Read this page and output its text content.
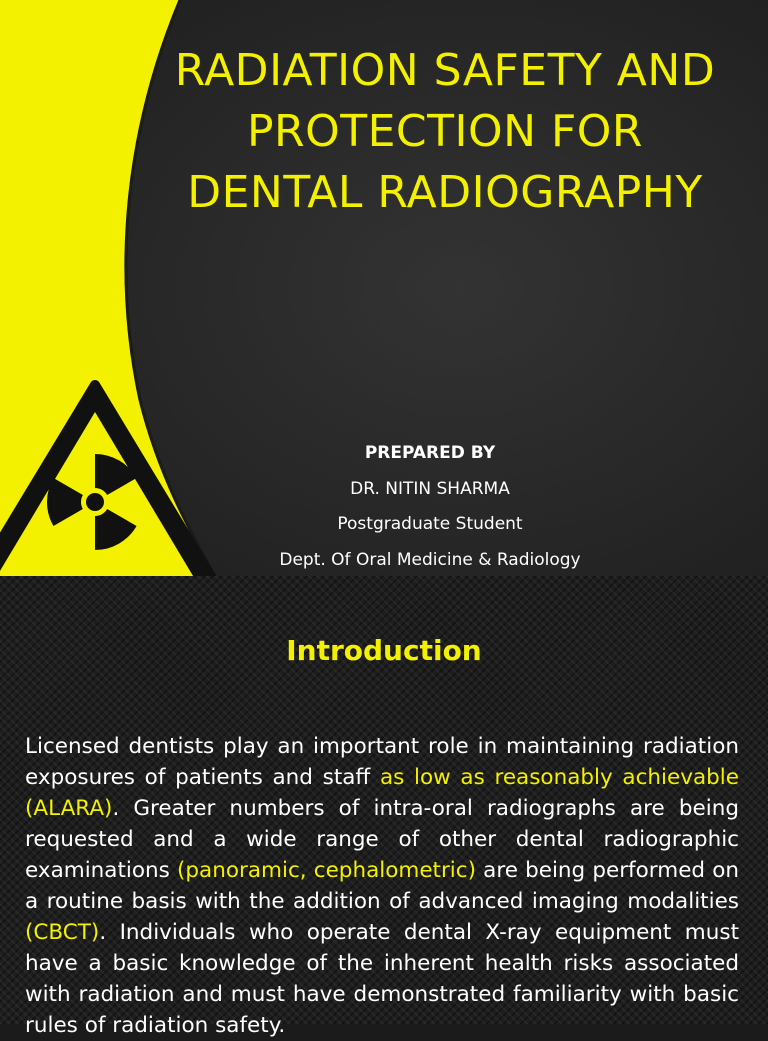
RADIATION SAFETY AND
PROTECTION FOR
DENTAL RADIOGRAPHY
PREPARED BY
DR. NITIN SHARMA
Postgraduate Student
Dept. Of Oral Medicine & Radiology
Introduction

Licensed dentists play an important role in maintaining radiation exposures of patients and staff as low as reasonably achievable (ALARA). Greater numbers of intra-oral radiographs are being requested and a wide range of other dental radiographic examinations (panoramic, cephalometric) are being performed on a routine basis with the addition of advanced imaging modalities (CBCT). Individuals who operate dental X-ray equipment must have a basic knowledge of the inherent health risks associated with radiation and must have demonstrated familiarity with basic rules of radiation safety.
